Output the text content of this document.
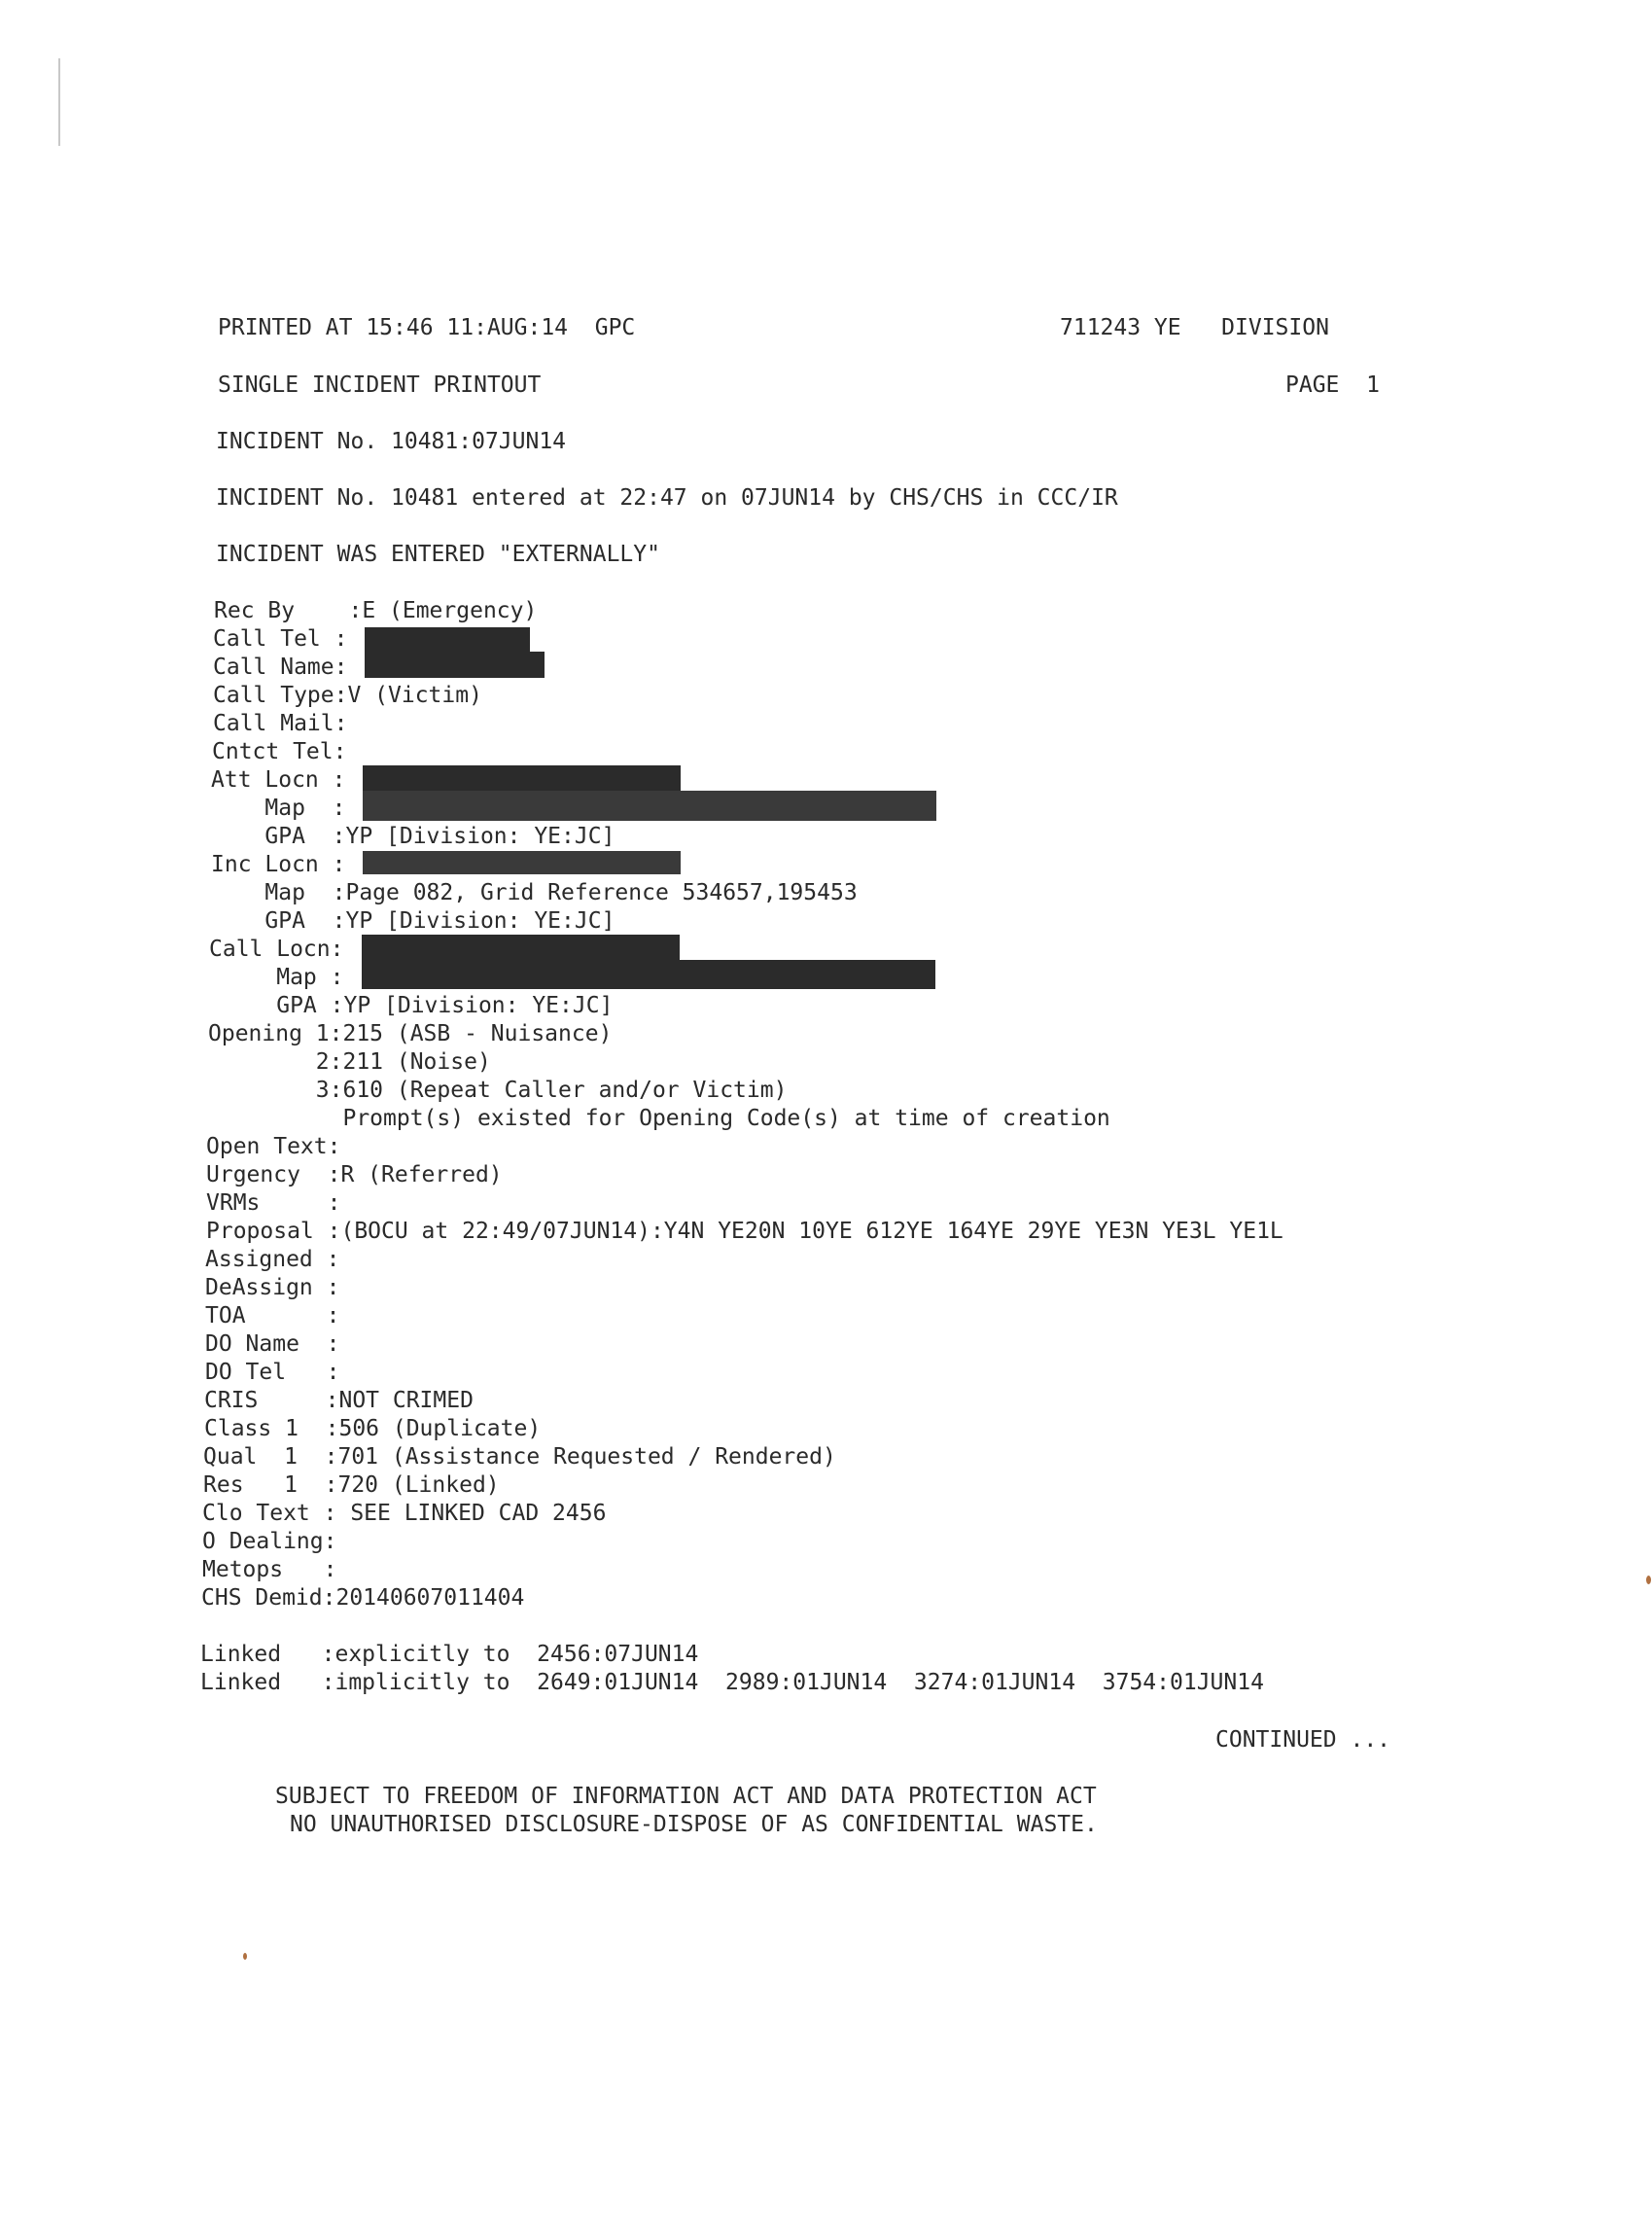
PRINTED AT 15:46 11:AUG:14  GPC	711243 YE   DIVISION
SINGLE INCIDENT PRINTOUT	PAGE  1
INCIDENT No. 10481:07JUN14
INCIDENT No. 10481 entered at 22:47 on 07JUN14 by CHS/CHS in CCC/IR
INCIDENT WAS ENTERED "EXTERNALLY"
Rec By    :E (Emergency)
Call Tel :
Call Name:
Call Type:V (Victim)
Call Mail:
Cntct Tel:
Att Locn :
Map  :
GPA  :YP [Division: YE:JC]
Inc Locn :
Map  :Page 082, Grid Reference 534657,195453
GPA  :YP [Division: YE:JC]
Call Locn:
Map :
GPA :YP [Division: YE:JC]
Opening 1:215 (ASB - Nuisance)
2:211 (Noise)
3:610 (Repeat Caller and/or Victim)
Prompt(s) existed for Opening Code(s) at time of creation
Open Text:
Urgency  :R (Referred)
VRMs     :
Proposal :(BOCU at 22:49/07JUN14):Y4N YE20N 10YE 612YE 164YE 29YE YE3N YE3L YE1L
Assigned :
DeAssign :
TOA      :
DO Name  :
DO Tel   :
CRIS     :NOT CRIMED
Class 1  :506 (Duplicate)
Qual  1  :701 (Assistance Requested / Rendered)
Res   1  :720 (Linked)
Clo Text : SEE LINKED CAD 2456
O Dealing:
Metops   :
CHS Demid:20140607011404
Linked   :explicitly to  2456:07JUN14
Linked   :implicitly to  2649:01JUN14  2989:01JUN14  3274:01JUN14  3754:01JUN14
CONTINUED ...
SUBJECT TO FREEDOM OF INFORMATION ACT AND DATA PROTECTION ACT
NO UNAUTHORISED DISCLOSURE-DISPOSE OF AS CONFIDENTIAL WASTE.
